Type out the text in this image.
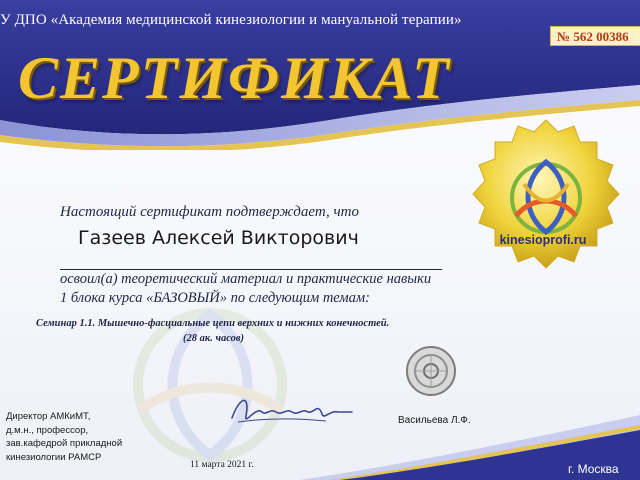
У ДПО «Академия медицинской кинезиологии и мануальной терапии»
№ 562 00386
СЕРТИФИКАТ
kinesioprofi.ru
Настоящий сертификат подтверждает, что
Газеев Алексей Викторович
освоил(а) теоретический материал и практические навыки
1 блока курса «БАЗОВЫЙ» по следующим темам:
Семинар 1.1. Мышечно-фасциальные цепи верхних и нижних конечностей.
(28 ак. часов)
Директор АМКиМТ,
д.м.н., профессор,
зав.кафедрой прикладной
кинезиологии РАМСР
Васильева Л.Ф.
11 марта 2021 г.	г. Москва
